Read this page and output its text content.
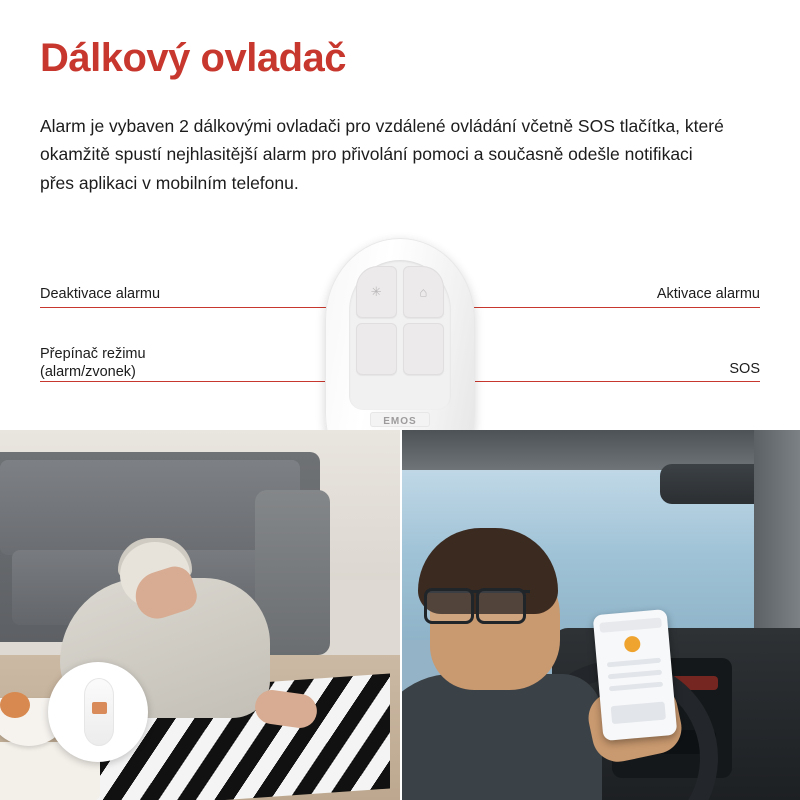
Dálkový ovladač
Alarm je vybaven 2 dálkovými ovladači pro vzdálené ovládání včetně SOS tlačítka, které okamžitě spustí nejhlasitější alarm pro přivolání pomoci a současně odešle notifikaci přes aplikaci v mobilním telefonu.
Deaktivace alarmu	Aktivace alarmu
Přepínač režimu
(alarm/zvonek)	SOS
✳	⌂
EMOS
